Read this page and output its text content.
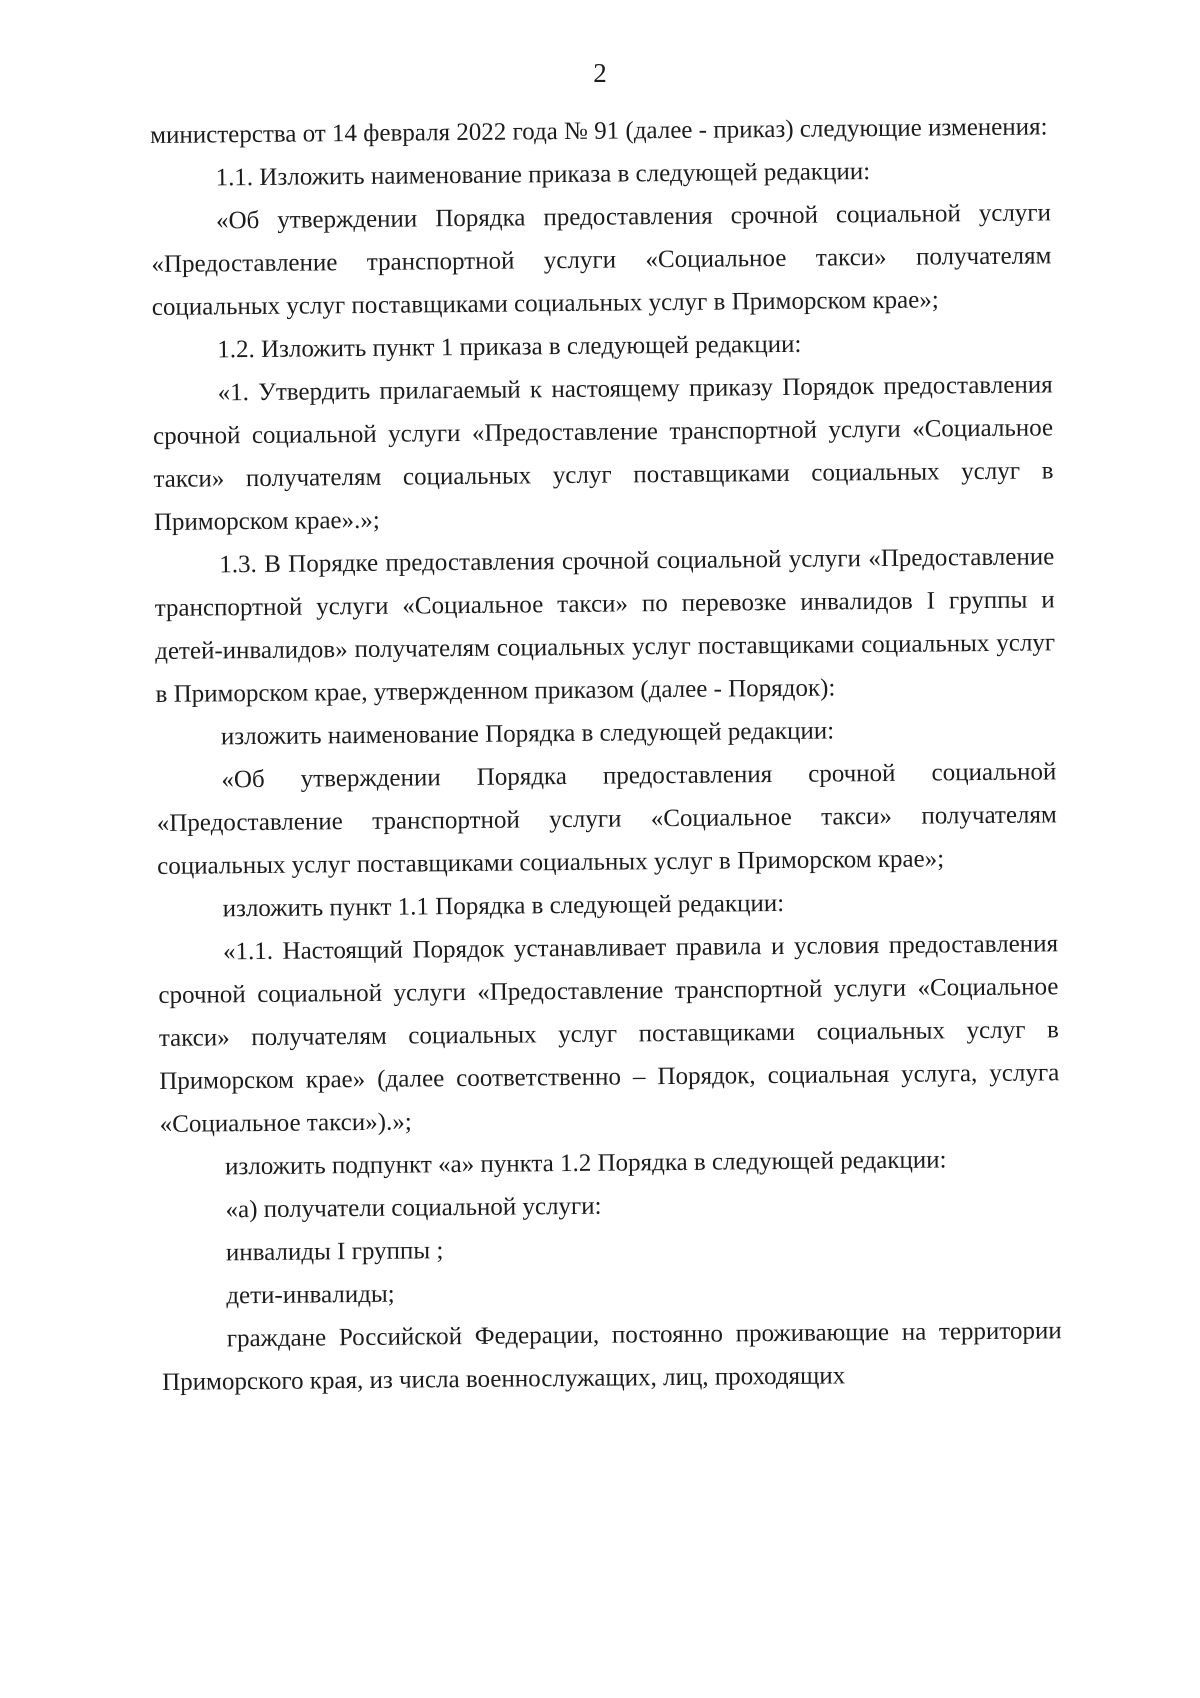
2

министерства от 14 февраля 2022 года № 91 (далее - приказ) следующие изменения:

1.1. Изложить наименование приказа в следующей редакции:

«Об утверждении Порядка предоставления срочной социальной услуги «Предоставление транспортной услуги «Социальное такси» получателям социальных услуг поставщиками социальных услуг в Приморском крае»;

1.2. Изложить пункт 1 приказа в следующей редакции:

«1. Утвердить прилагаемый к настоящему приказу Порядок предоставления срочной социальной услуги «Предоставление транспортной услуги «Социальное такси» получателям социальных услуг поставщиками социальных услуг в Приморском крае».»;

1.3. В Порядке предоставления срочной социальной услуги «Предоставление транспортной услуги «Социальное такси» по перевозке инвалидов I группы и детей-инвалидов» получателям социальных услуг поставщиками социальных услуг в Приморском крае, утвержденном приказом (далее - Порядок):

изложить наименование Порядка в следующей редакции:

«Об утверждении Порядка предоставления срочной социальной «Предоставление транспортной услуги «Социальное такси» получателям социальных услуг поставщиками социальных услуг в Приморском крае»;

изложить пункт 1.1 Порядка в следующей редакции:

«1.1. Настоящий Порядок устанавливает правила и условия предоставления срочной социальной услуги «Предоставление транспортной услуги «Социальное такси» получателям социальных услуг поставщиками социальных услуг в Приморском крае» (далее соответственно – Порядок, социальная услуга, услуга «Социальное такси»).»;

изложить подпункт «а» пункта 1.2 Порядка в следующей редакции:

«а) получатели социальной услуги:

инвалиды I группы ;

дети-инвалиды;

граждане Российской Федерации, постоянно проживающие на территории Приморского края, из числа военнослужащих, лиц, проходящих
